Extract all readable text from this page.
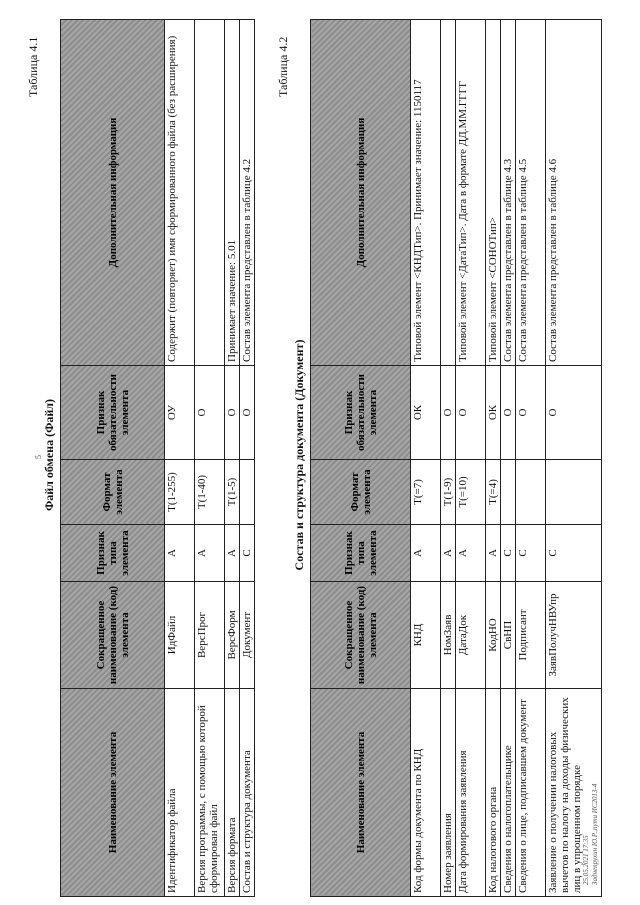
5
Таблица 4.1
Файл обмена (Файл)
Наименование элемента	Сокращенное наименование (код) элемента	Признак типа элемента	Формат элемента	Признак обязательности элемента	Дополнительная информация
Идентификатор файла	ИдФайл	А	T(1-255)	ОУ	Содержит (повторяет) имя сформированного файла (без расширения)
Версия программы, с помощью которой сформирован файл	ВерсПрог	А	T(1-40)	О	
Версия формата	ВерсФорм	А	T(1-5)	О	Принимает значение: 5.01
Состав и структура документа	Документ	С		О	Состав элемента представлен в таблице 4.2
Таблица 4.2
Состав и структура документа (Документ)
Наименование элемента	Сокращенное наименование (код) элемента	Признак типа элемента	Формат элемента	Признак обязательности элемента	Дополнительная информация
Код формы документа по КНД	КНД	А	T(=7)	ОК	Типовой элемент <КНДТип>. Принимает значение: 1150117
Номер заявления	НомЗаяв	А	T(1-9)	О	
Дата формирования заявления	ДатаДок	А	T(=10)	О	Типовой элемент <ДатаТип>. Дата в формате ДД.ММ.ГГГГ
Код налогового органа	КодНО	А	T(=4)	ОК	Типовой элемент <СОНОТип>
Сведения о налогоплательщике	СвНП	С		О	Состав элемента представлен в таблице 4.3
Сведения о лице, подписавшем документ	Подписант	С		О	Состав элемента представлен в таблице 4.5
Заявление о получении налоговых вычетов по налогу на доходы физических лиц в упрощенном порядке	ЗаявПолучНВУпр	С		О	Состав элемента представлен в таблице 4.6
25.05.2021 17:35 Заднепрухин Ю.Р.,пути ИС2013-4
